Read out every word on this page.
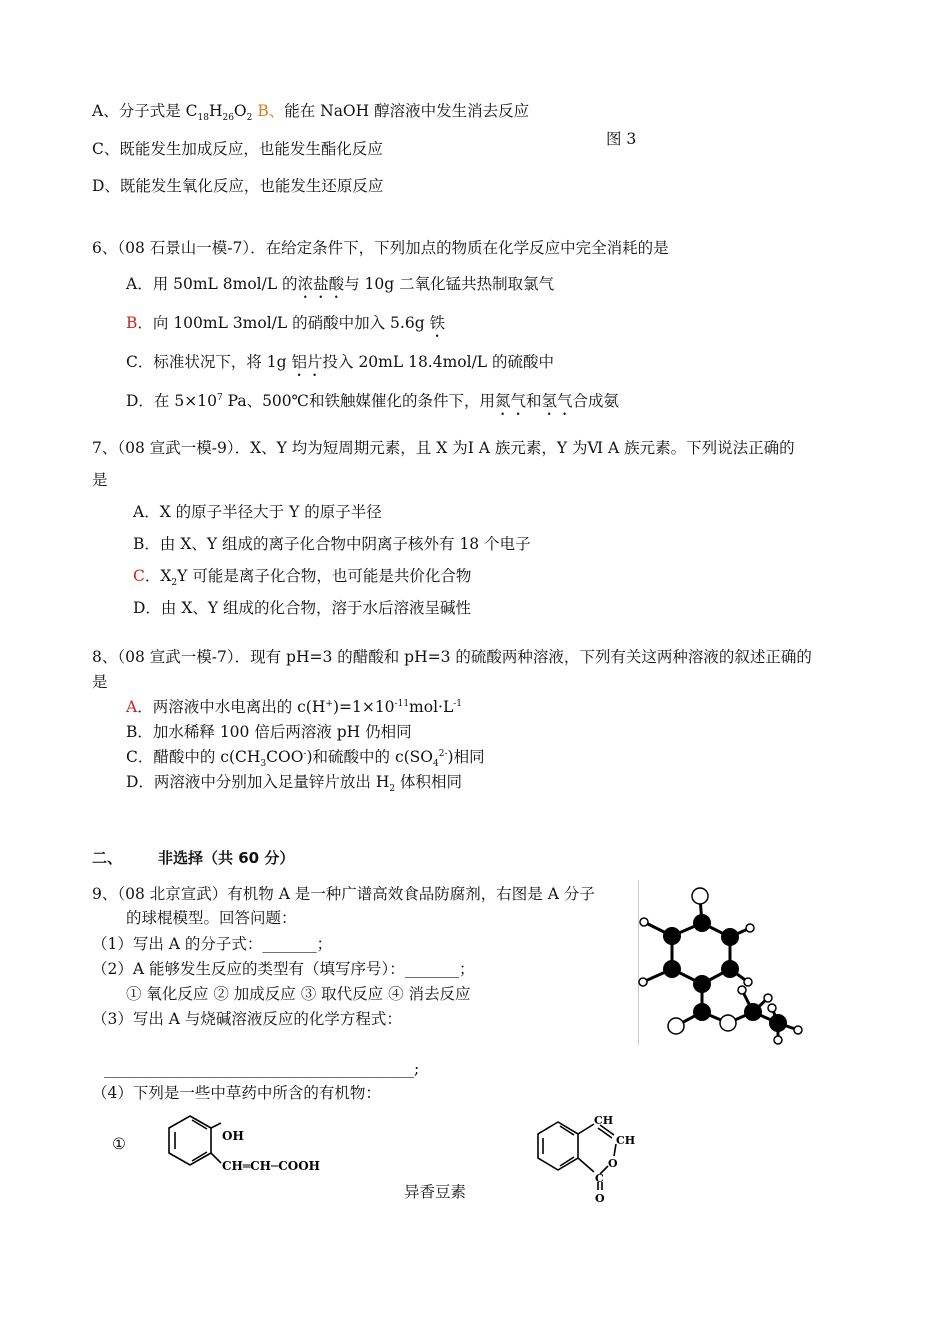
A、分子式是 $C_{18}H_{26}O_2$ B、能在 NaOH 醇溶液中发生消去反应
图 3
C、既能发生加成反应，也能发生酯化反应
D、既能发生氧化反应，也能发生还原反应
6、（08 石景山一模-7）．在给定条件下，下列加点的物质在化学反应中完全消耗的是
A．用 50mL 8mol/L 的浓盐酸与 10g 二氧化锰共热制取氯气
B．向 100mL 3mol/L 的硝酸中加入 5.6g 铁
C．标准状况下，将 1g 铝片投入 20mL 18.4mol/L 的硫酸中
D．在 $5\times 10^7$ Pa、500℃和铁触媒催化的条件下，用氮气和氢气合成氨
7、（08 宣武一模-9）．X、Y 均为短周期元素，且 X 为Ⅰ A 族元素，Y 为Ⅵ A 族元素。下列说法正确的
是
A．X 的原子半径大于 Y 的原子半径
B．由 X、Y 组成的离子化合物中阴离子核外有 18 个电子
C．$X_2Y$ 可能是离子化合物，也可能是共价化合物
D．由 X、Y 组成的化合物，溶于水后溶液呈碱性
8、（08 宣武一模-7）．现有 pH=3 的醋酸和 pH=3 的硫酸两种溶液，下列有关这两种溶液的叙述正确的
是
A．两溶液中水电离出的 $c(H^+)=1\times 10^{-11}mol\cdot L^{-1}$
B．加水稀释 100 倍后两溶液 pH 仍相同
C．醋酸中的 $c(CH_3COO^-)$和硫酸中的 $c(SO_4^{2-})$相同
D．两溶液中分别加入足量锌片放出 $H_2$ 体积相同
二、 非选择（共 60 分）
9、（08 北京宣武）有机物 A 是一种广谱高效食品防腐剂，右图是 A 分子
的球棍模型。回答问题：
（1）写出 A 的分子式：_______；
（2）A 能够发生反应的类型有（填写序号）：_______；
① 氧化反应 ② 加成反应 ③ 取代反应 ④ 消去反应
（3）写出 A 与烧碱溶液反应的化学方程式：
________________________________________;
（4）下列是一些中草药中所含的有机物：
①	OH
CH═CH─COOH
CH
CH
O
C
O
异香豆素
